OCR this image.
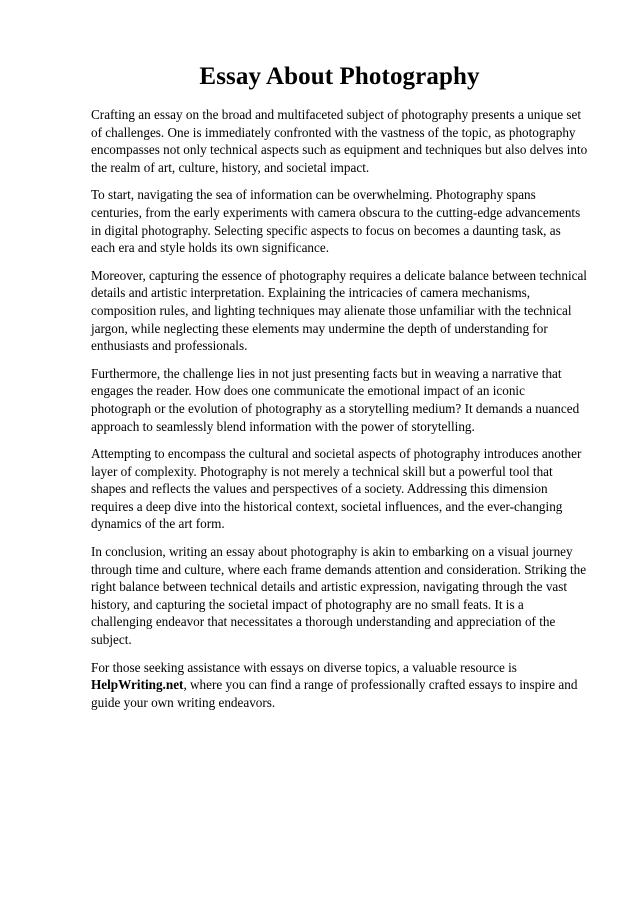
Essay About Photography

Crafting an essay on the broad and multifaceted subject of photography presents a unique set of challenges. One is immediately confronted with the vastness of the topic, as photography encompasses not only technical aspects such as equipment and techniques but also delves into the realm of art, culture, history, and societal impact.

To start, navigating the sea of information can be overwhelming. Photography spans centuries, from the early experiments with camera obscura to the cutting-edge advancements in digital photography. Selecting specific aspects to focus on becomes a daunting task, as each era and style holds its own significance.

Moreover, capturing the essence of photography requires a delicate balance between technical details and artistic interpretation. Explaining the intricacies of camera mechanisms, composition rules, and lighting techniques may alienate those unfamiliar with the technical jargon, while neglecting these elements may undermine the depth of understanding for enthusiasts and professionals.

Furthermore, the challenge lies in not just presenting facts but in weaving a narrative that engages the reader. How does one communicate the emotional impact of an iconic photograph or the evolution of photography as a storytelling medium? It demands a nuanced approach to seamlessly blend information with the power of storytelling.

Attempting to encompass the cultural and societal aspects of photography introduces another layer of complexity. Photography is not merely a technical skill but a powerful tool that shapes and reflects the values and perspectives of a society. Addressing this dimension requires a deep dive into the historical context, societal influences, and the ever-changing dynamics of the art form.

In conclusion, writing an essay about photography is akin to embarking on a visual journey through time and culture, where each frame demands attention and consideration. Striking the right balance between technical details and artistic expression, navigating through the vast history, and capturing the societal impact of photography are no small feats. It is a challenging endeavor that necessitates a thorough understanding and appreciation of the subject.

For those seeking assistance with essays on diverse topics, a valuable resource is HelpWriting.net, where you can find a range of professionally crafted essays to inspire and guide your own writing endeavors.
